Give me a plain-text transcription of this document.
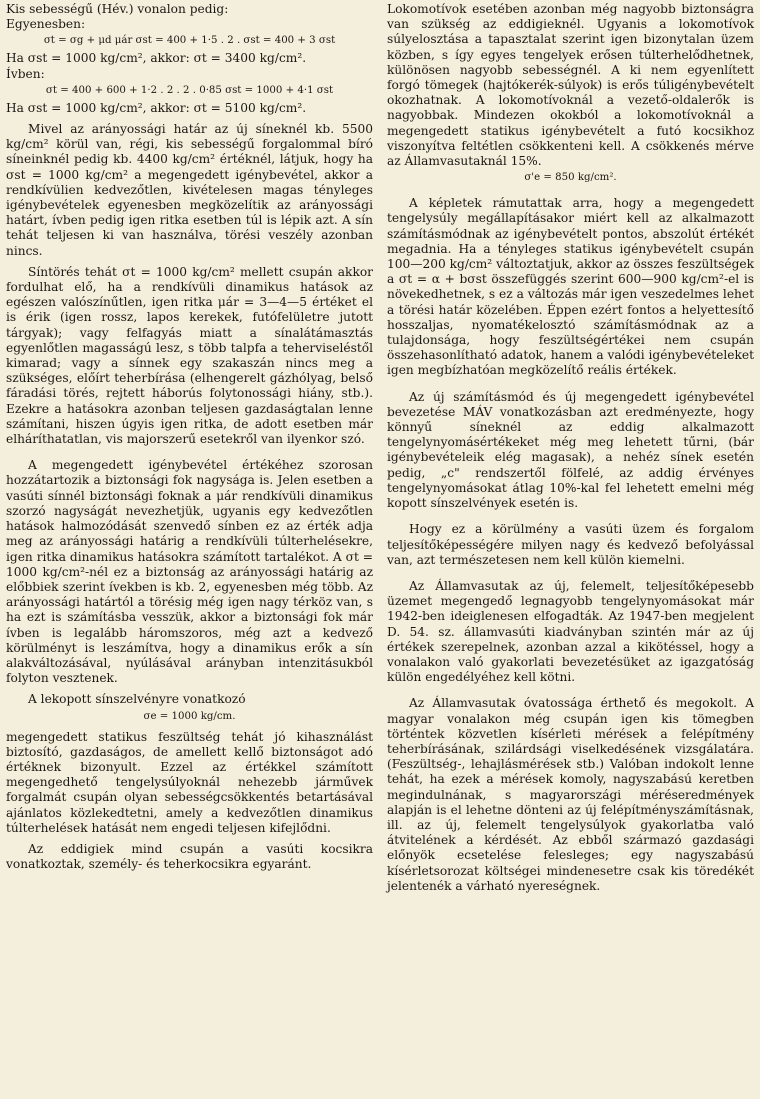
Kis sebességű (Hév.) vonalon pedig:

Egyenesben:

σt = σg + μd μár σst = 400 + 1·5 . 2 . σst = 400 + 3 σst

Ha σst = 1000 kg/cm², akkor: σt = 3400 kg/cm².

Ívben:

σt = 400 + 600 + 1·2 . 2 . 2 . 0·85 σst = 1000 + 4·1 σst

Ha σst = 1000 kg/cm², akkor: σt = 5100 kg/cm².

Mivel az arányossági határ az új síneknél kb. 5500 kg/cm² körül van, régi, kis sebességű forgalommal bíró síneinknél pedig kb. 4400 kg/cm² értéknél, látjuk, hogy ha σst = 1000 kg/cm² a megengedett igénybevétel, akkor a rendkívülien kedvezőtlen, kivételesen magas tényleges igénybevételek egyenesben megközelítik az arányossági határt, ívben pedig igen ritka esetben túl is lépik azt. A sín tehát teljesen ki van használva, törési veszély azonban nincs.

Síntörés tehát σt = 1000 kg/cm² mellett csupán akkor fordulhat elő, ha a rendkívüli dinamikus hatások az egészen valószínűtlen, igen ritka μár = 3—4—5 értéket el is érik (igen rossz, lapos kerekek, futófelületre jutott tárgyak); vagy felfagyás miatt a sínalátámasztás egyenlőtlen magasságú lesz, s több talpfa a teherviseléstől kimarad; vagy a sínnek egy szakaszán nincs meg a szükséges, előírt teherbírása (elhengerelt gázhólyag, belső fáradási törés, rejtett háborús folytonossági hiány, stb.). Ezekre a hatásokra azonban teljesen gazdaságtalan lenne számítani, hiszen úgyis igen ritka, de adott esetben már elháríthatatlan, vis majorszerű esetekről van ilyenkor szó.

A megengedett igénybevétel értékéhez szorosan hozzátartozik a biztonsági fok nagysága is. Jelen esetben a vasúti sínnél biztonsági foknak a μár rendkívüli dinamikus szorzó nagyságát nevezhetjük, ugyanis egy kedvezőtlen hatások halmozódását szenvedő sínben ez az érték adja meg az arányossági határig a rendkívüli túlterhelésekre, igen ritka dinamikus hatásokra számított tartalékot. A σt = 1000 kg/cm²-nél ez a biztonság az arányossági határig az előbbiek szerint ívekben is kb. 2, egyenesben még több. Az arányossági határtól a törésig még igen nagy térköz van, s ha ezt is számításba vesszük, akkor a biztonsági fok már ívben is legalább háromszoros, még azt a kedvező körülményt is leszámítva, hogy a dinamikus erők a sín alakváltozásával, nyúlásával arányban intenzitásukból folyton vesztenek.

A lekopott sínszelvényre vonatkozó

σe = 1000 kg/cm.

megengedett statikus feszültség tehát jó kihasználást biztosító, gazdaságos, de amellett kellő biztonságot adó értéknek bizonyult. Ezzel az értékkel számított megengedhető tengelysúlyoknál nehezebb járművek forgalmát csupán olyan sebességcsökkentés betartásával ajánlatos közlekedtetni, amely a kedvezőtlen dinamikus túlterhelések hatását nem engedi teljesen kifejlődni.

Az eddigiek mind csupán a vasúti kocsikra vonatkoztak, személy- és teherkocsikra egyaránt.

Lokomotívok esetében azonban még nagyobb biztonságra van szükség az eddigieknél. Ugyanis a lokomotívok súlyelosztása a tapasztalat szerint igen bizonytalan üzem közben, s így egyes tengelyek erősen túlterhelődhetnek, különösen nagyobb sebességnél. A ki nem egyenlített forgó tömegek (hajtókerék-súlyok) is erős túligénybevételt okozhatnak. A lokomotívoknál a vezető-oldalerők is nagyobbak. Mindezen okokból a lokomotívoknál a megengedett statikus igénybevételt a futó kocsikhoz viszonyítva feltétlen csökkenteni kell. A csökkenés mérve az Államvasutaknál 15%.

σ'e = 850 kg/cm².

A képletek rámutattak arra, hogy a megengedett tengelysúly megállapításakor miért kell az alkalmazott számításmódnak az igénybevételt pontos, abszolút értékét megadnia. Ha a tényleges statikus igénybevételt csupán 100—200 kg/cm² változtatjuk, akkor az összes feszültségek a σt = α + bσst összefüggés szerint 600—900 kg/cm²-el is növekedhetnek, s ez a változás már igen veszedelmes lehet a törési határ közelében. Éppen ezért fontos a helyettesítő hosszaljas, nyomatékelosztó számításmódnak az a tulajdonsága, hogy feszültségértékei nem csupán összehasonlítható adatok, hanem a valódi igénybevételeket igen megbízhatóan megközelítő reális értékek.

Az új számításmód és új megengedett igénybevétel bevezetése MÁV vonatkozásban azt eredményezte, hogy könnyű síneknél az eddig alkalmazott tengelynyomásértékeket még meg lehetett tűrni, (bár igénybevételeik elég magasak), a nehéz sínek esetén pedig, „c" rendszertől fölfelé, az addig érvényes tengelynyomásokat átlag 10%-kal fel lehetett emelni még kopott sínszelvények esetén is.

Hogy ez a körülmény a vasúti üzem és forgalom teljesítőképességére milyen nagy és kedvező befolyással van, azt természetesen nem kell külön kiemelni.

Az Államvasutak az új, felemelt, teljesítőképesebb üzemet megengedő legnagyobb tengelynyomásokat már 1942-ben ideiglenesen elfogadták. Az 1947-ben megjelent D. 54. sz. államvasúti kiadványban szintén már az új értékek szerepelnek, azonban azzal a kikötéssel, hogy a vonalakon való gyakorlati bevezetésüket az igazgatóság külön engedélyéhez kell kötni.

Az Államvasutak óvatossága érthető és megokolt. A magyar vonalakon még csupán igen kis tömegben történtek közvetlen kísérleti mérések a felépítmény teherbírásának, szilárdsági viselkedésének vizsgálatára. (Feszültség-, lehajlásmérések stb.) Valóban indokolt lenne tehát, ha ezek a mérések komoly, nagyszabású keretben megindulnának, s magyarországi méréseredmények alapján is el lehetne dönteni az új felépítményszámításnak, ill. az új, felemelt tengelysúlyok gyakorlatba való átvitelének a kérdését. Az ebből származó gazdasági előnyök ecsetelése felesleges; egy nagyszabású kísérletsorozat költségei mindenesetre csak kis töredékét jelentenék a várható nyereségnek.
